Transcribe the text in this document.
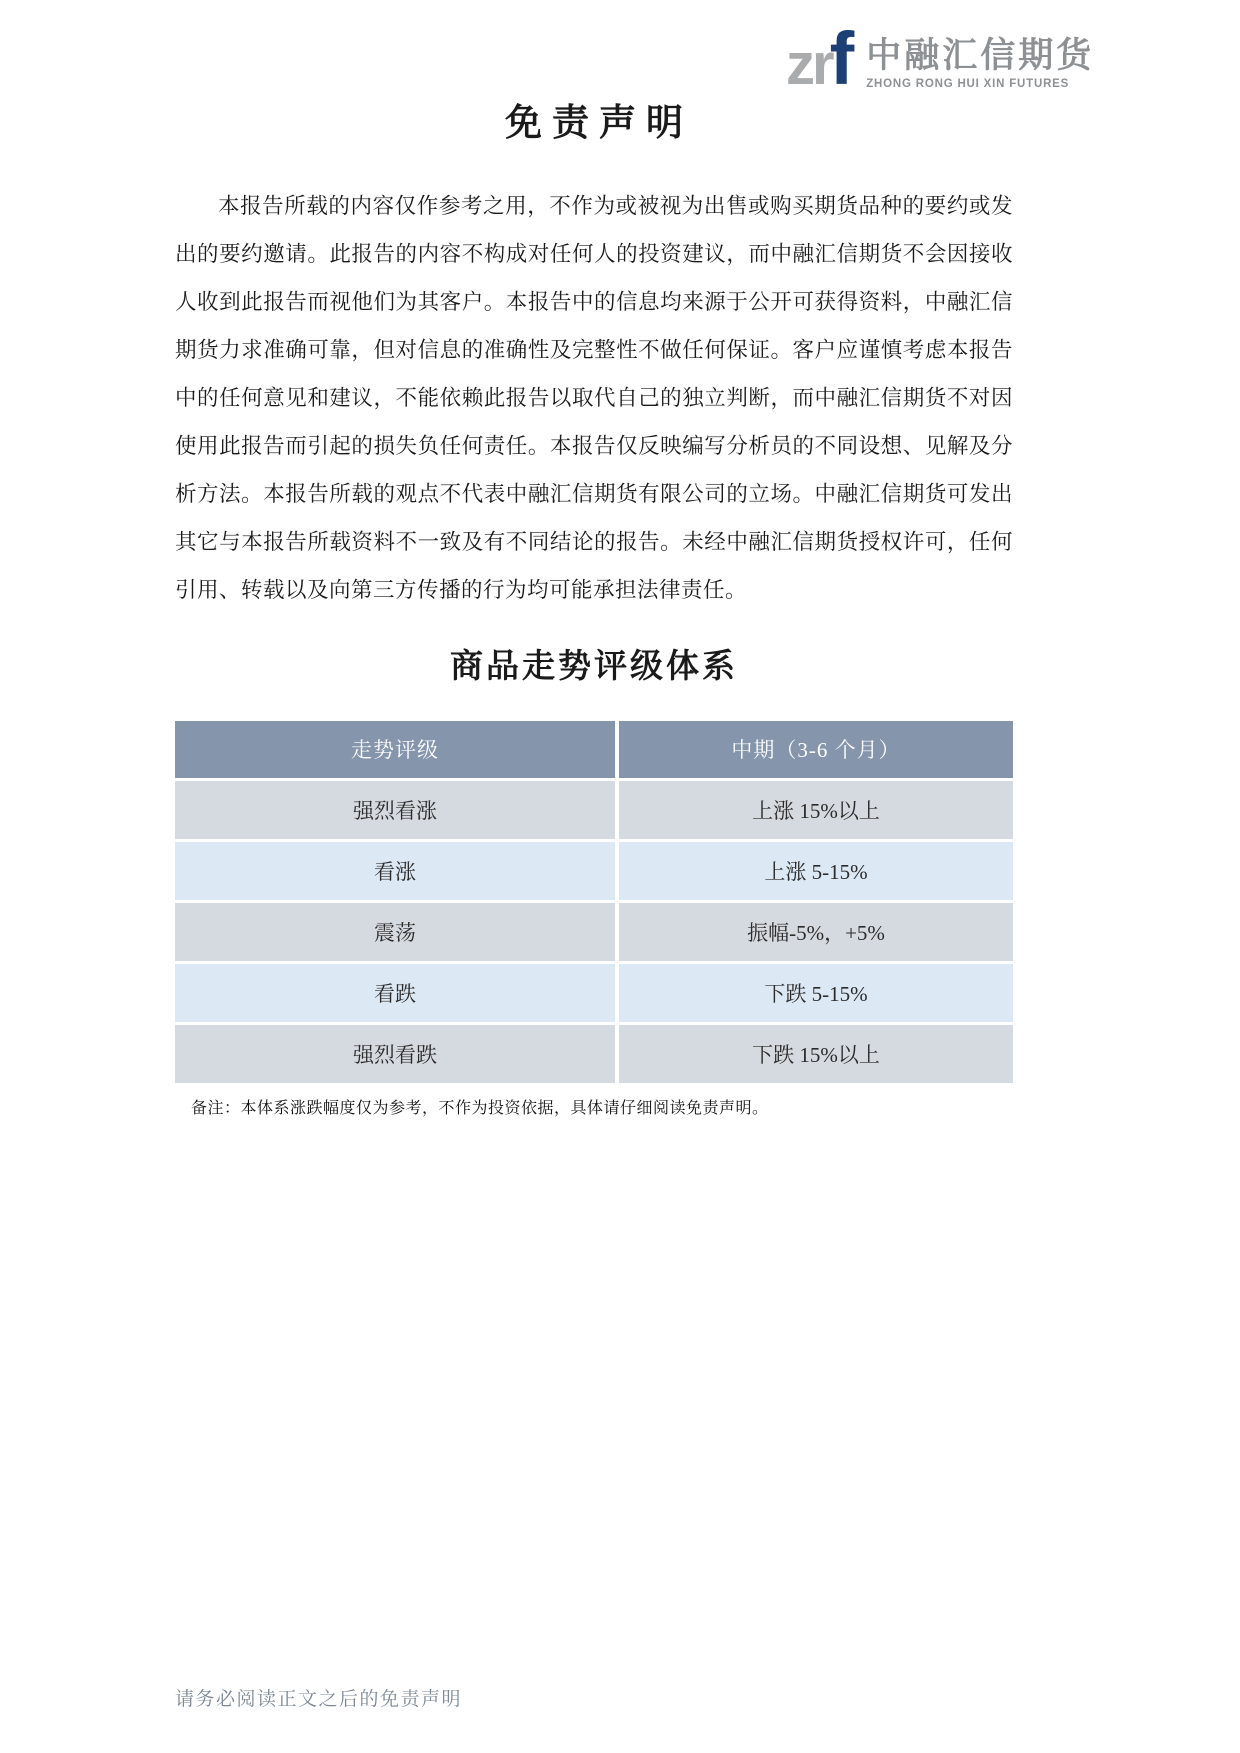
zrf 中融汇信期货
ZHONG RONG HUI XIN FUTURES
免责声明

本报告所载的内容仅作参考之用，不作为或被视为出售或购买期货品种的要约或发出的要约邀请。此报告的内容不构成对任何人的投资建议，而中融汇信期货不会因接收人收到此报告而视他们为其客户。本报告中的信息均来源于公开可获得资料，中融汇信期货力求准确可靠，但对信息的准确性及完整性不做任何保证。客户应谨慎考虑本报告中的任何意见和建议，不能依赖此报告以取代自己的独立判断，而中融汇信期货不对因使用此报告而引起的损失负任何责任。本报告仅反映编写分析员的不同设想、见解及分析方法。本报告所载的观点不代表中融汇信期货有限公司的立场。中融汇信期货可发出其它与本报告所载资料不一致及有不同结论的报告。未经中融汇信期货授权许可，任何引用、转载以及向第三方传播的行为均可能承担法律责任。

商品走势评级体系
走势评级	中期（3-6 个月）
强烈看涨	上涨 15%以上
看涨	上涨 5-15%
震荡	振幅-5%，+5%
看跌	下跌 5-15%
强烈看跌	下跌 15%以上

备注：本体系涨跌幅度仅为参考，不作为投资依据，具体请仔细阅读免责声明。

请务必阅读正文之后的免责声明
